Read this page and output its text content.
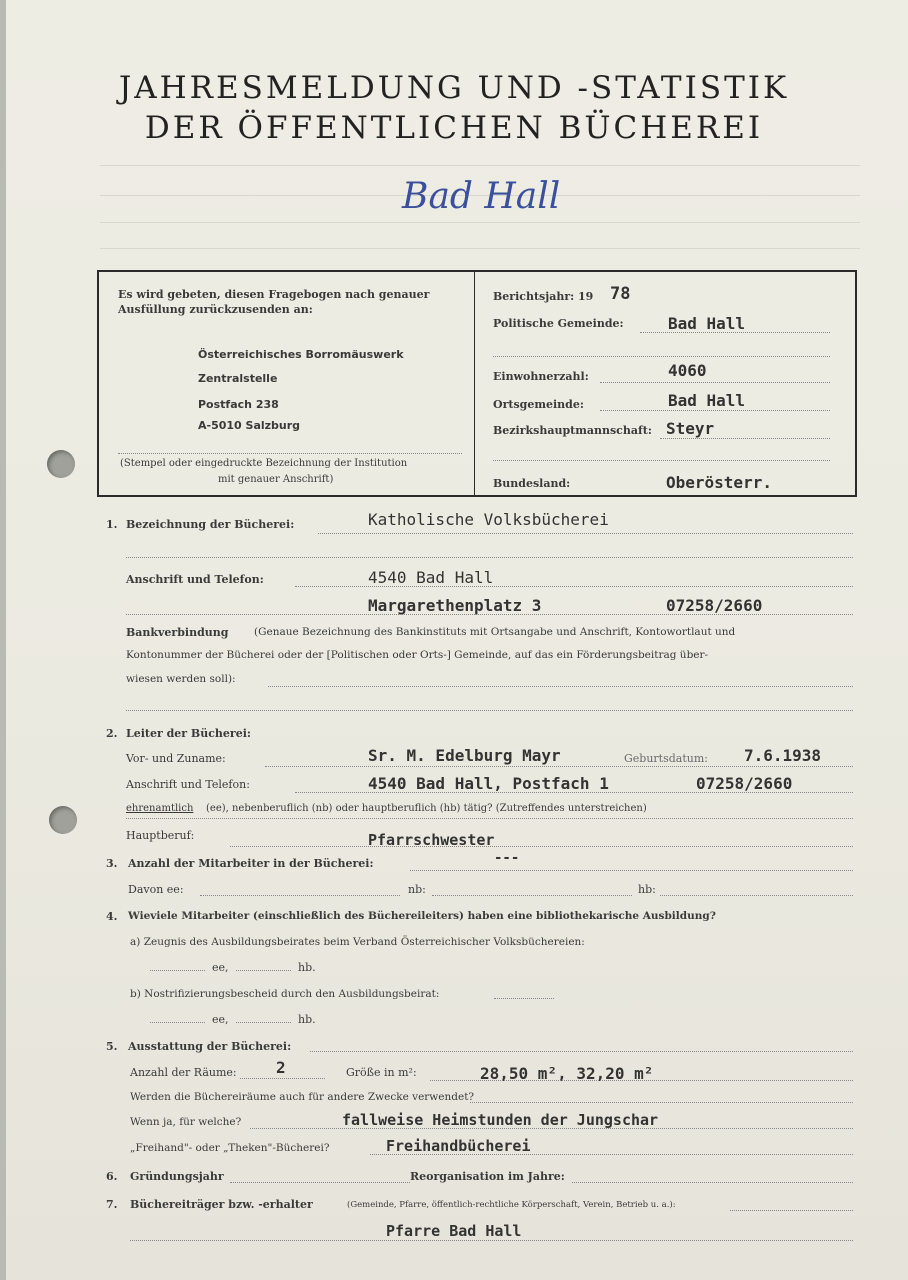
JAHRESMELDUNG UND -STATISTIK
DER ÖFFENTLICHEN BÜCHEREI
Bad Hall
Es wird gebeten, diesen Fragebogen nach genauer Ausfüllung zurückzusenden an:
Österreichisches Borromäuswerk
Zentralstelle
Postfach 238
A-5010 Salzburg
(Stempel oder eingedruckte Bezeichnung der Institution
mit genauer Anschrift)
Berichtsjahr: 19 78
Politische Gemeinde:	Bad Hall
Einwohnerzahl:	4060
Ortsgemeinde:	Bad Hall
Bezirkshauptmannschaft: Steyr
Bundesland:	Oberösterr.
1. Bezeichnung der Bücherei:	Katholische Volksbücherei
Anschrift und Telefon:	4540 Bad Hall
Margarethenplatz 3	07258/2660
Bankverbindung (Genaue Bezeichnung des Bankinstituts mit Ortsangabe und Anschrift, Kontowortlaut und
Kontonummer der Bücherei oder der [Politischen oder Orts-] Gemeinde, auf das ein Förderungsbeitrag über-
wiesen werden soll):
2. Leiter der Bücherei:
Vor- und Zuname:	Sr. M. Edelburg Mayr	Geburtsdatum: 7.6.1938
Anschrift und Telefon:	4540 Bad Hall, Postfach 1	07258/2660
ehrenamtlich (ee), nebenberuflich (nb) oder hauptberuflich (hb) tätig? (Zutreffendes unterstreichen)
Hauptberuf:	Pfarrschwester
3. Anzahl der Mitarbeiter in der Bücherei:	---
Davon ee:	nb:	hb:
4. Wieviele Mitarbeiter (einschließlich des Büchereileiters) haben eine bibliothekarische Ausbildung?
a) Zeugnis des Ausbildungsbeirates beim Verband Österreichischer Volksbüchereien:
ee,	hb.
b) Nostrifizierungsbescheid durch den Ausbildungsbeirat:
ee,	hb.
5. Ausstattung der Bücherei:
Anzahl der Räume: 2	Größe in m²:	28,50 m², 32,20 m²
Werden die Büchereiräume auch für andere Zwecke verwendet?
Wenn ja, für welche?	fallweise Heimstunden der Jungschar
„Freihand"- oder „Theken"-Bücherei?	Freihandbücherei
6. Gründungsjahr	Reorganisation im Jahre:
7. Büchereiträger bzw. -erhalter	(Gemeinde, Pfarre, öffentlich-rechtliche Körperschaft, Verein, Betrieb u. a.):
Pfarre Bad Hall
